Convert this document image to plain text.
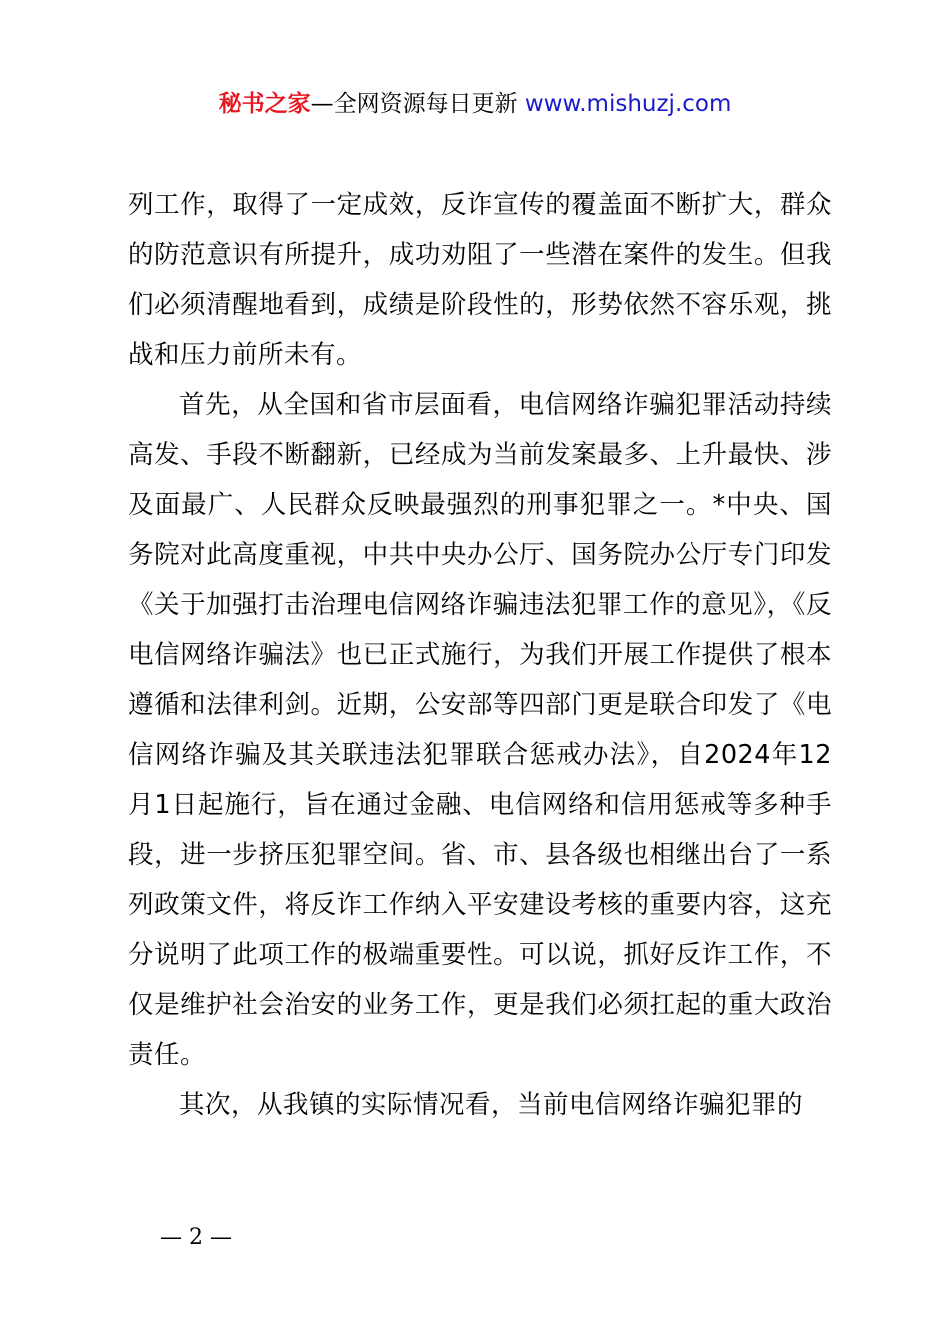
秘书之家—全网资源每日更新 www.mishuzj.com

列工作，取得了一定成效，反诈宣传的覆盖面不断扩大，群众的防范意识有所提升，成功劝阻了一些潜在案件的发生。但我们必须清醒地看到，成绩是阶段性的，形势依然不容乐观，挑战和压力前所未有。

首先，从全国和省市层面看，电信网络诈骗犯罪活动持续高发、手段不断翻新，已经成为当前发案最多、上升最快、涉及面最广、人民群众反映最强烈的刑事犯罪之一。*中央、国务院对此高度重视，中共中央办公厅、国务院办公厅专门印发《关于加强打击治理电信网络诈骗违法犯罪工作的意见》，《反电信网络诈骗法》也已正式施行，为我们开展工作提供了根本遵循和法律利剑。近期，公安部等四部门更是联合印发了《电信网络诈骗及其关联违法犯罪联合惩戒办法》，自2024年12月1日起施行，旨在通过金融、电信网络和信用惩戒等多种手段，进一步挤压犯罪空间。省、市、县各级也相继出台了一系列政策文件，将反诈工作纳入平安建设考核的重要内容，这充分说明了此项工作的极端重要性。可以说，抓好反诈工作，不仅是维护社会治安的业务工作，更是我们必须扛起的重大政治责任。

其次，从我镇的实际情况看，当前电信网络诈骗犯罪的

— 2 —
